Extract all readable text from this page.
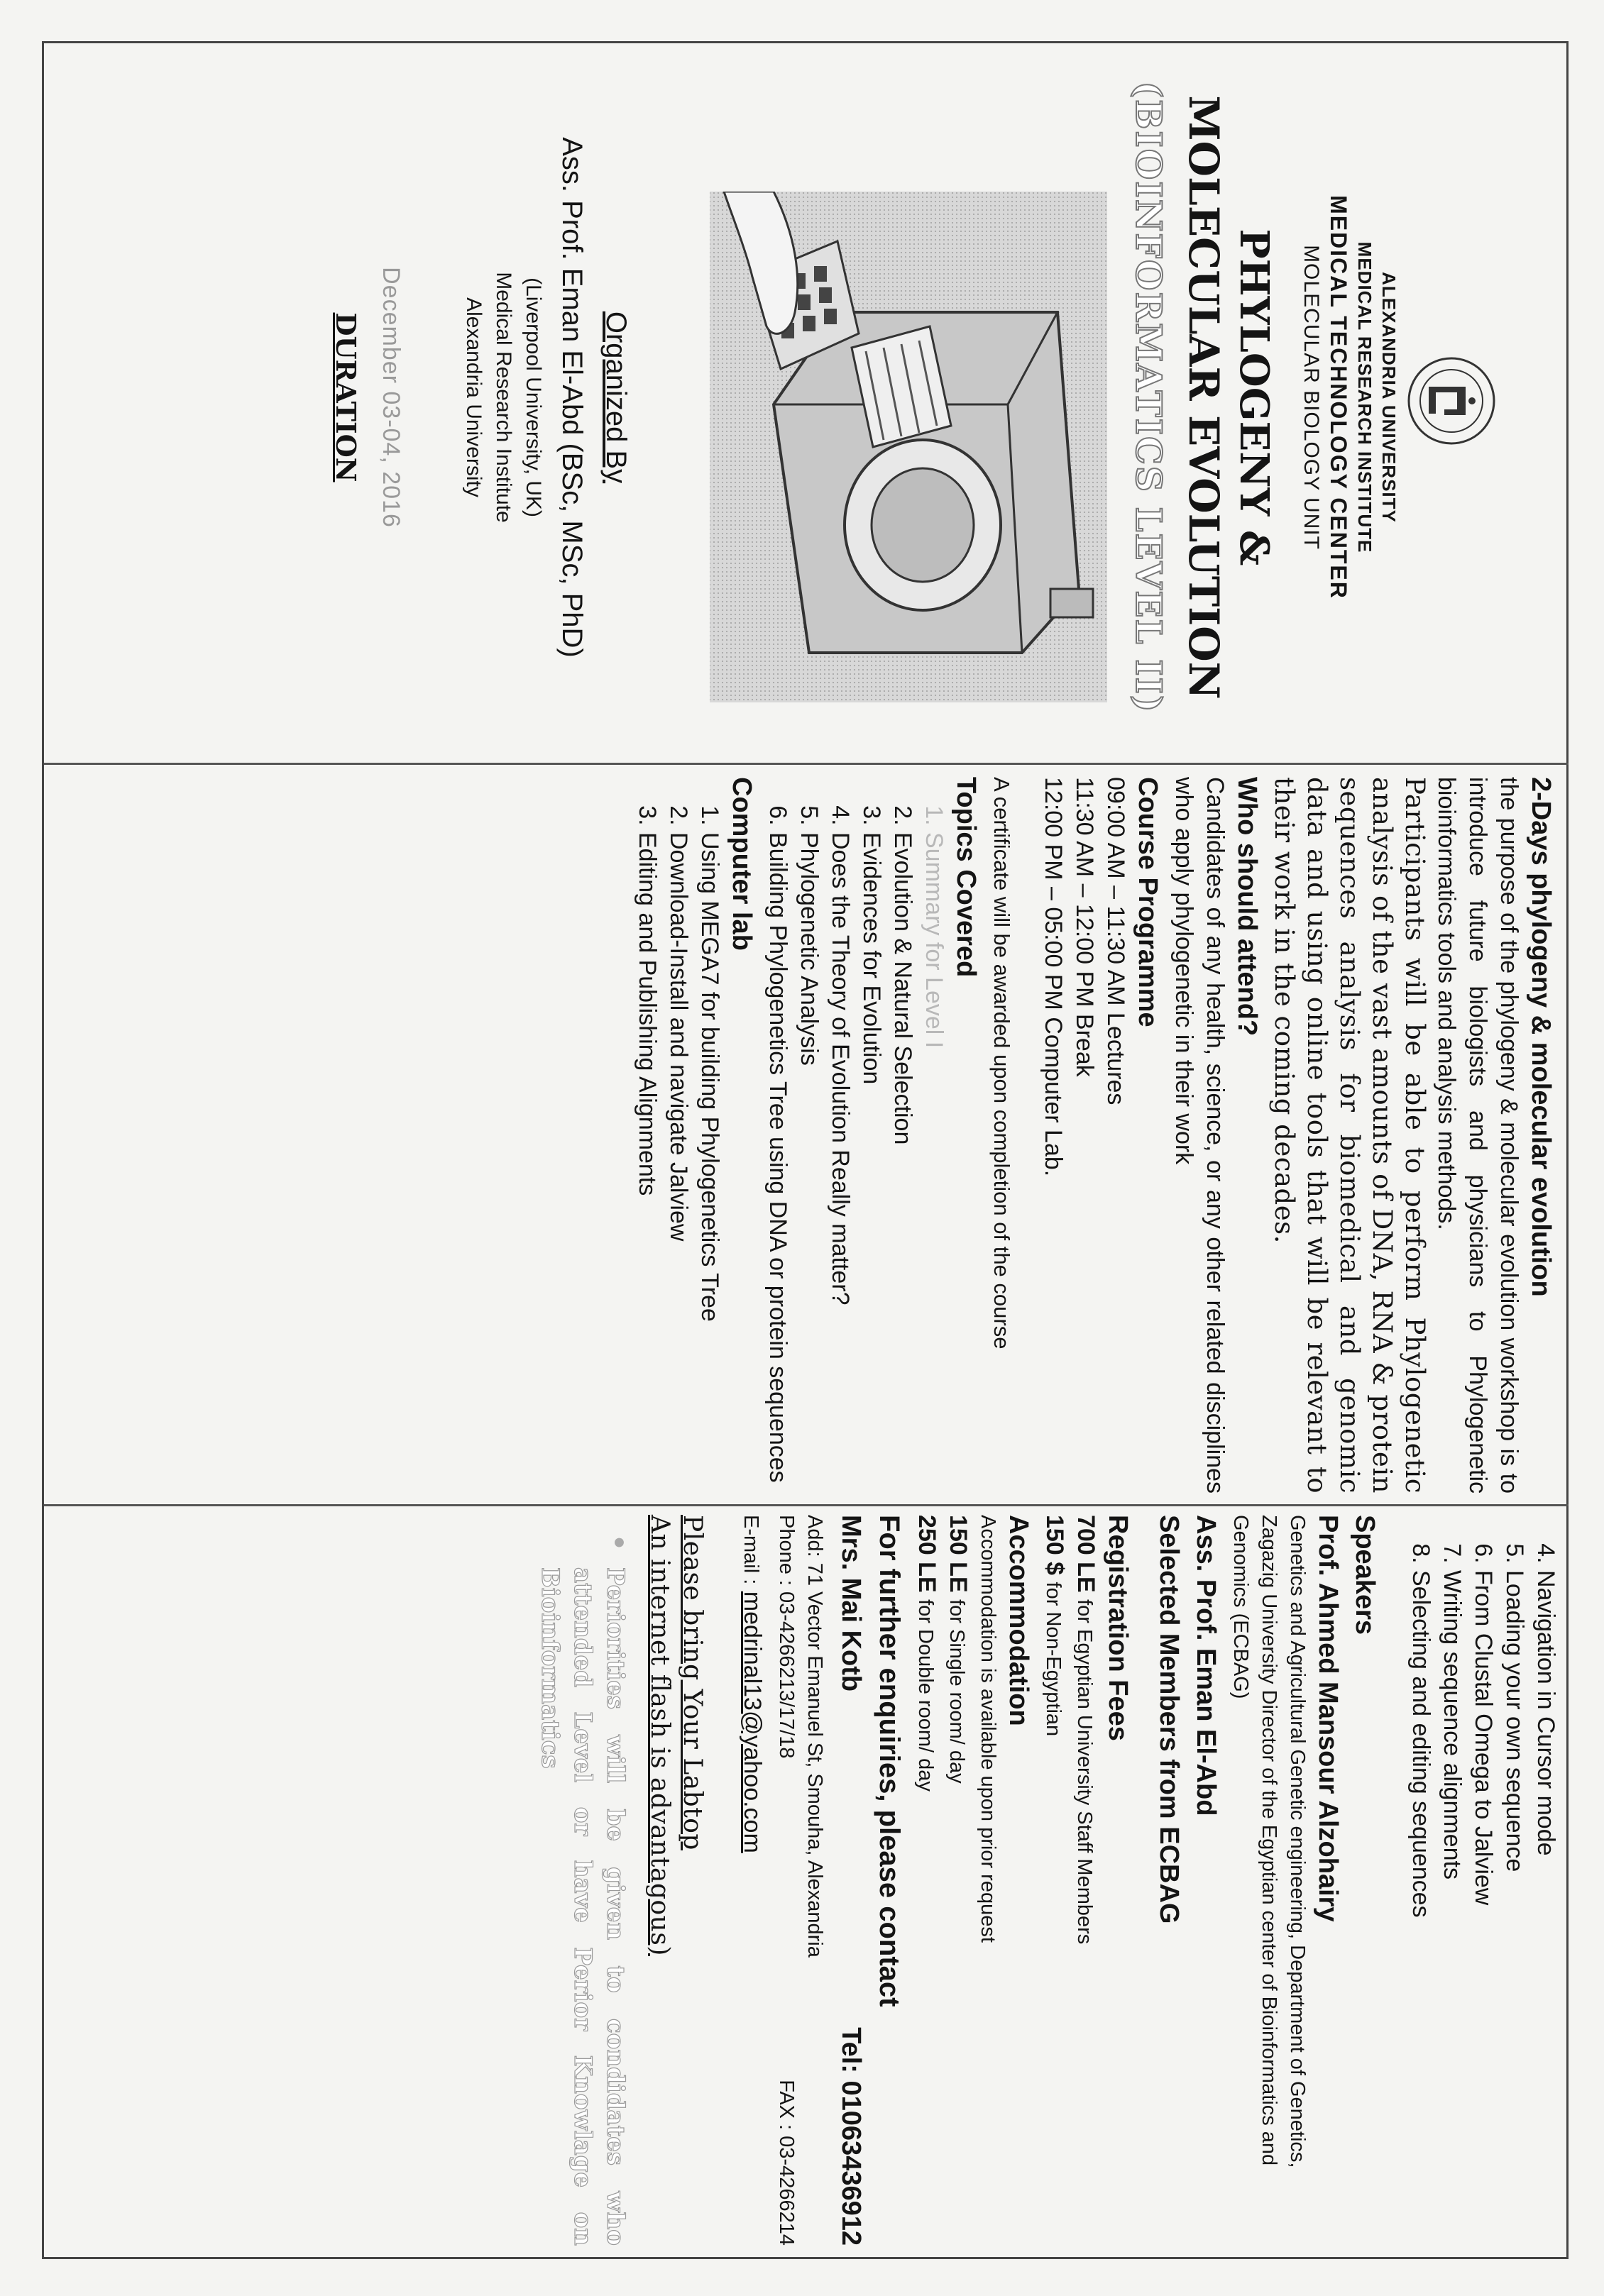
ALEXANDRIA UNIVERSITY
MEDICAL RESEARCH INSTITUTE
MEDICAL TECHNOLOGY CENTER
MOLECULAR BIOLOGY UNIT
PHYLOGENY &
MOLECULAR EVOLUTION
(BIOINFORMATICS LEVEL II)
Organized By
Ass. Prof. Eman El-Abd (BSc, MSc, PhD)
(Liverpool University, UK)
Medical Research Institute
Alexandria University
December 03-04, 2016
DURATION
2-Days phylogeny & molecular evolution
the purpose of the phylogeny & molecular evolution workshop is to introduce future biologists and physicians to Phylogenetic bioinformatics tools and analysis methods.
Participants will be able to perform Phylogenetic analysis of the vast amounts of DNA, RNA & protein sequences analysis for biomedical and genomic data and using online tools that will be relevant to their work in the coming decades.
Who should attend?
Candidates of any health, science, or any other related disciplines who apply phylogenetic in their work
Course Programme
09:00 AM – 11:30 AM Lectures
11:30 AM – 12:00 PM Break
12:00 PM – 05:00 PM Computer Lab.
A certificate will be awarded upon completion of the course
Topics Covered
1. Summary for Level I
2. Evolution & Natural Selection
3. Evidences for Evolution
4. Does the Theory of Evolution Really matter?
5. Phylogenetic Analysis
6. Building Phylogenetics Tree using DNA or protein sequences
Computer lab
1. Using MEGA7 for building Phylogenetics Tree
2. Download-Install and navigate Jalview
3. Editing and Publishing Alignments
4. Navigation in Cursor mode
5. Loading your own sequence
6. From Clustal Omega to Jalview
7. Writing sequence alignments
8. Selecting and editing sequences
Speakers
Prof. Ahmed Mansour Alzohairy
Genetics and Agricultural Genetic engineering, Department of Genetics, Zagazig University Director of the Egyptian center of Bioinformatics and Genomics (ECBAG)
Ass. Prof. Eman El-Abd
Selected Members from ECBAG
Registration Fees
700 LE for Egyptian University Staff Members
150 $ for Non-Egyptian
Accommodation
Accommodation is available upon prior request
150 LE for Single room/ day
250 LE for Double room/ day
For further enquiries, please contact
Mrs. Mai Kotb
Tel: 01063436912
Add: 71 Vector Emanuel St, Smouha, Alexandria
Phone : 03-4266213/17/18
FAX : 03-4266214
E-mail : medrinal13@yahoo.com
Please bring Your Labtop
An internet flash is advantagous)
●
Periorities will be given to condidates who attended Level or have Perior Knowlage on Bioinformatics
